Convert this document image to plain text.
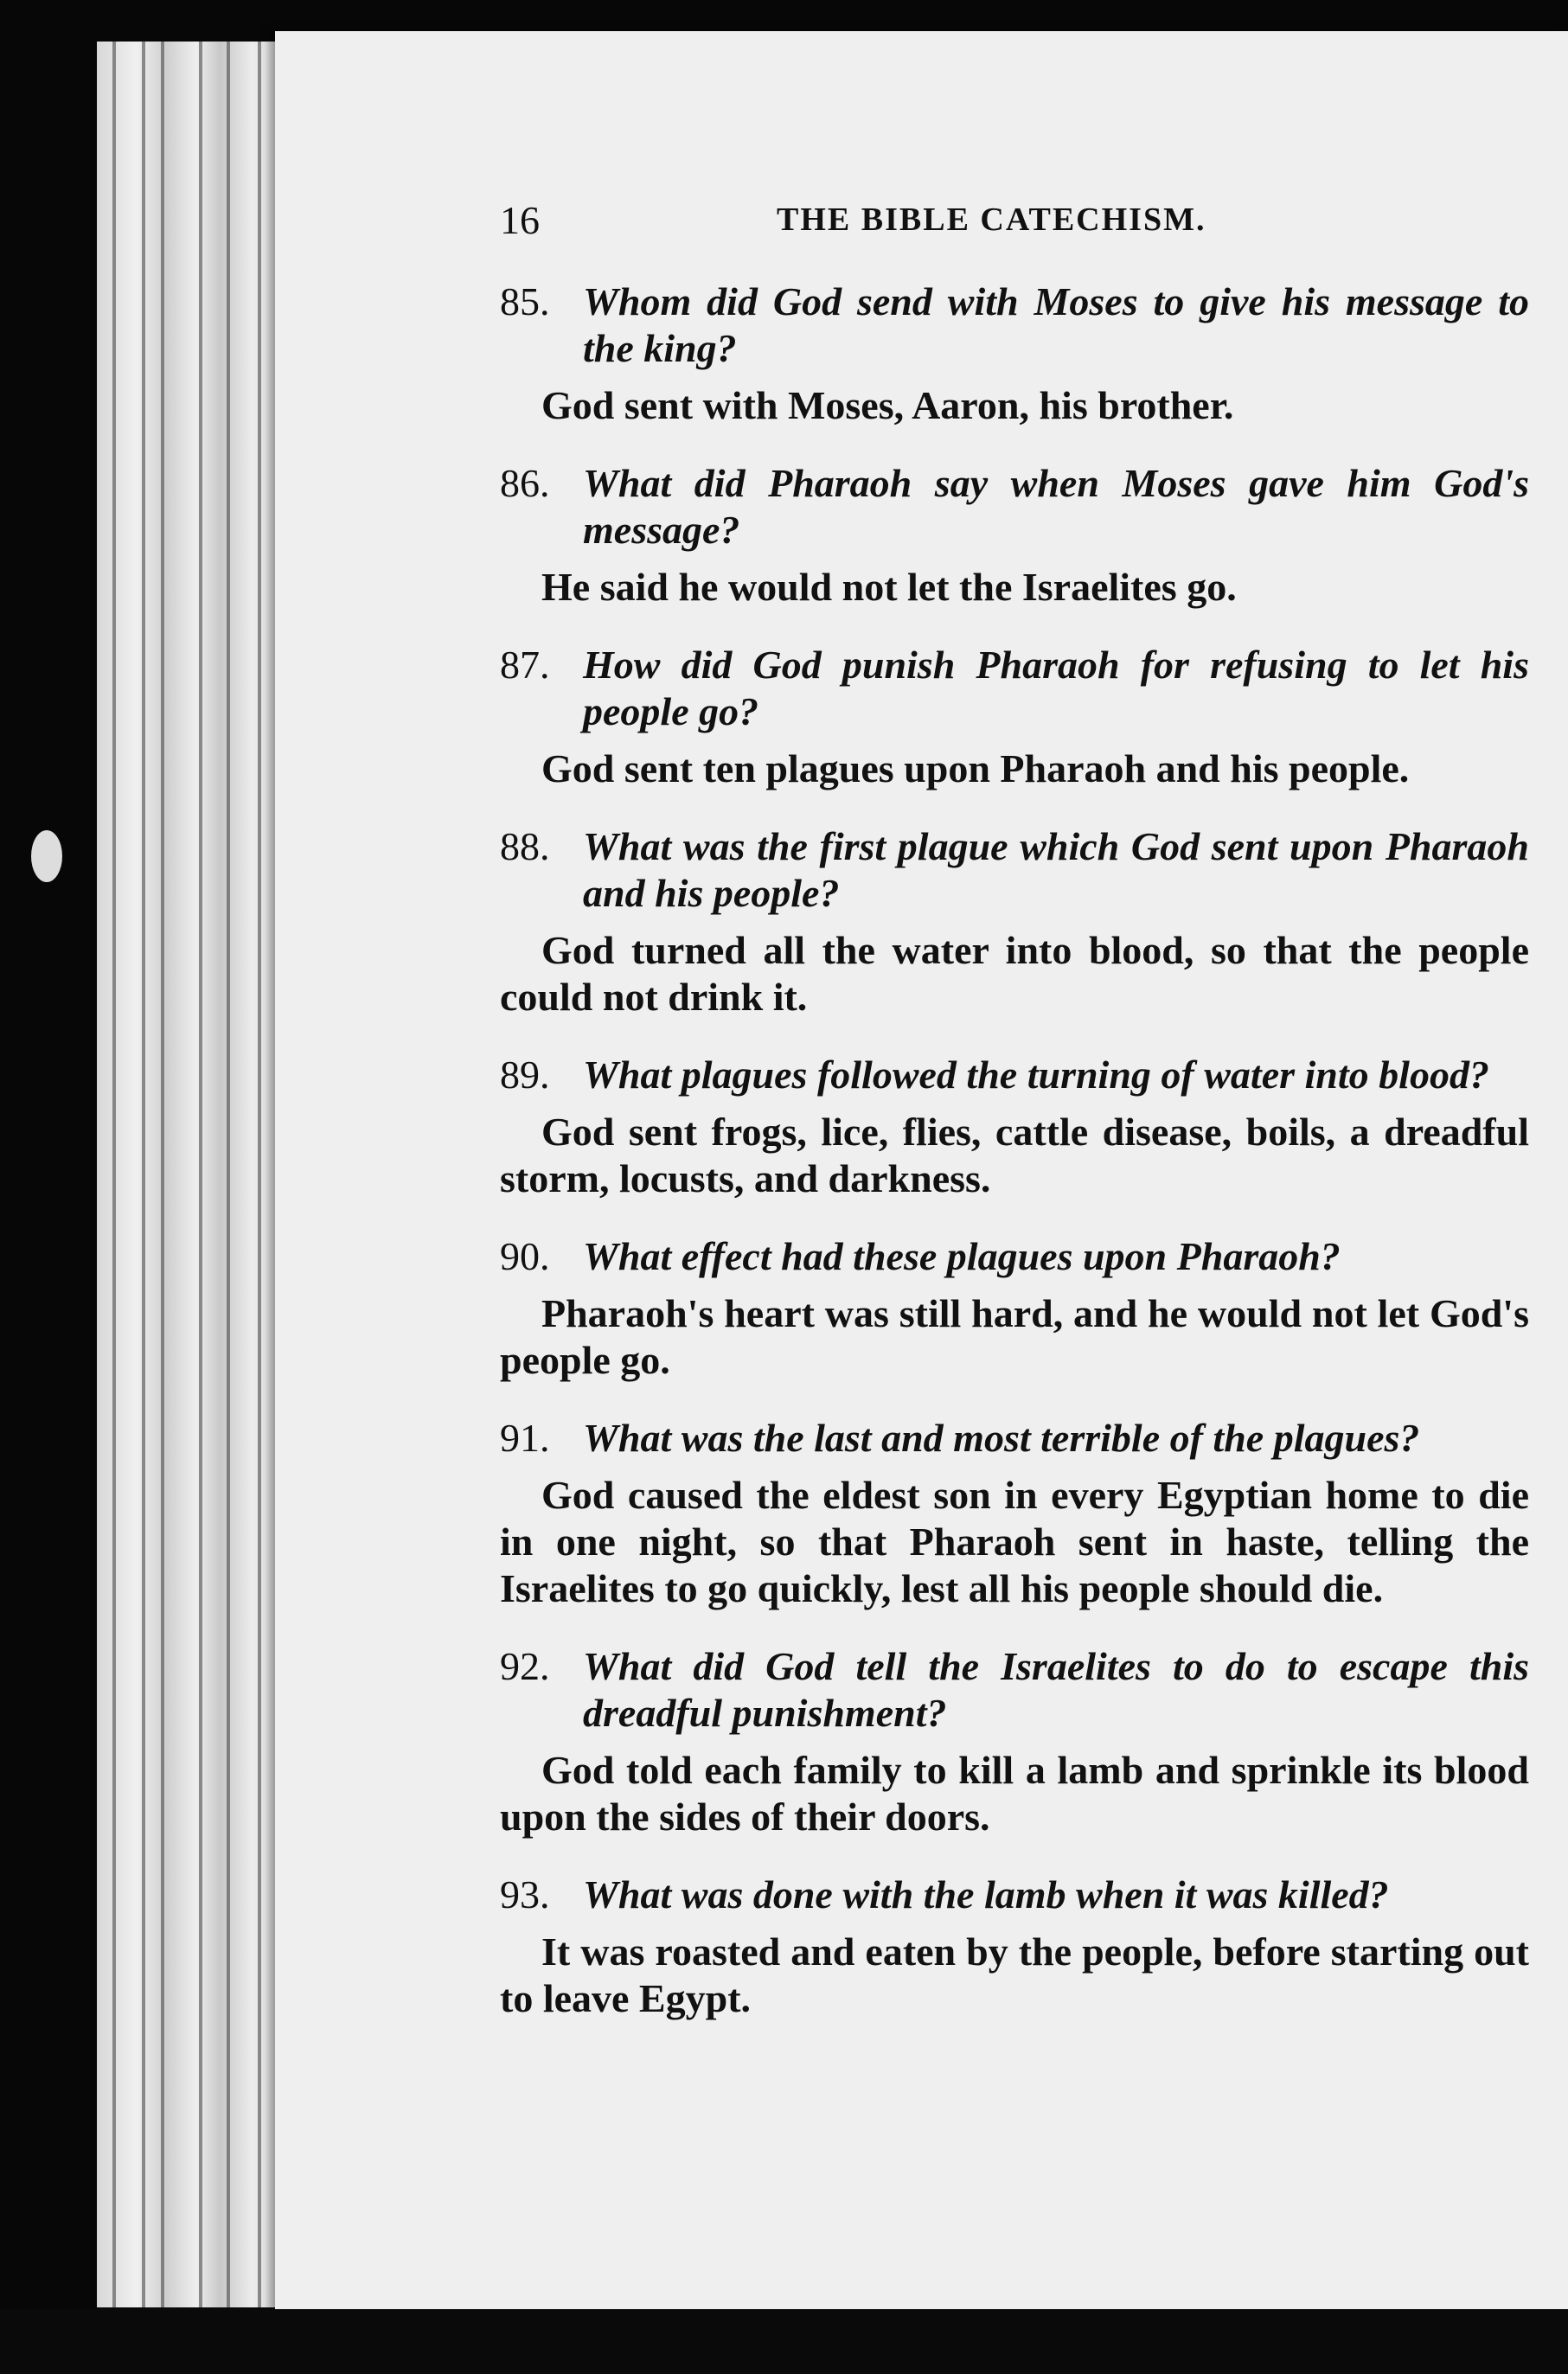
16	THE BIBLE CATECHISM.
85. Whom did God send with Moses to give his message to the king?
God sent with Moses, Aaron, his brother.
86. What did Pharaoh say when Moses gave him God's message?
He said he would not let the Israelites go.
87. How did God punish Pharaoh for refusing to let his people go?
God sent ten plagues upon Pharaoh and his people.
88. What was the first plague which God sent upon Pharaoh and his people?
God turned all the water into blood, so that the people could not drink it.
89. What plagues followed the turning of water into blood?
God sent frogs, lice, flies, cattle disease, boils, a dreadful storm, locusts, and darkness.
90. What effect had these plagues upon Pharaoh?
Pharaoh's heart was still hard, and he would not let God's people go.
91. What was the last and most terrible of the plagues?
God caused the eldest son in every Egyptian home to die in one night, so that Pharaoh sent in haste, telling the Israelites to go quickly, lest all his people should die.
92. What did God tell the Israelites to do to escape this dreadful punishment?
God told each family to kill a lamb and sprinkle its blood upon the sides of their doors.
93. What was done with the lamb when it was killed?
It was roasted and eaten by the people, before starting out to leave Egypt.
